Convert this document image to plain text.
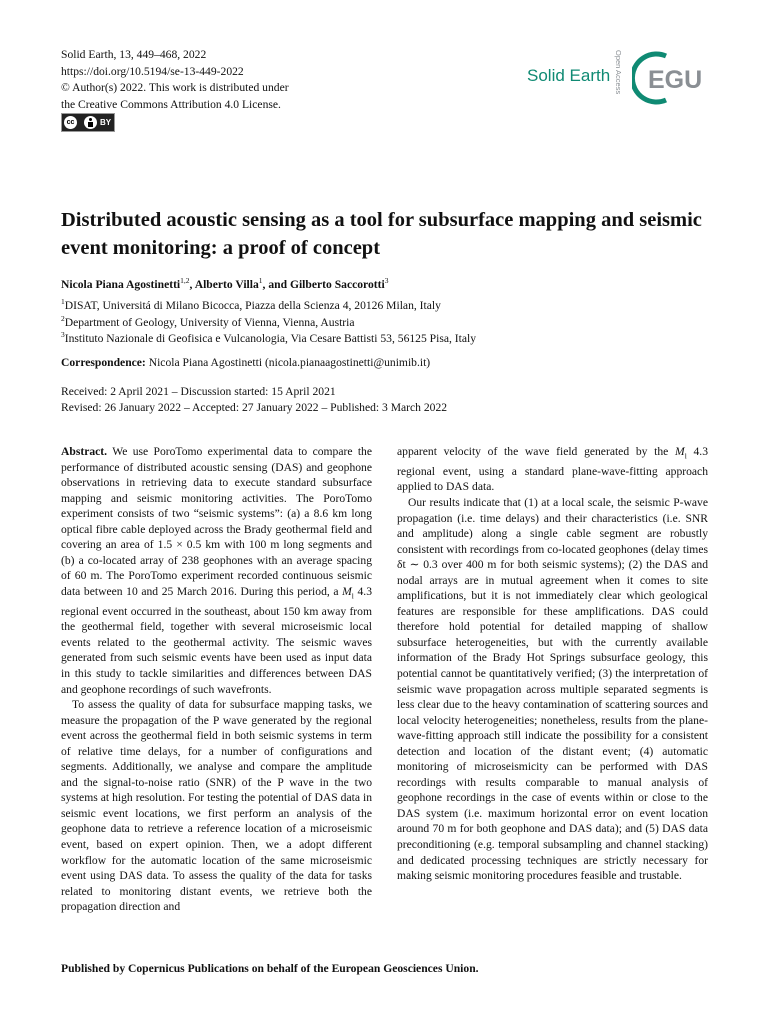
Solid Earth, 13, 449–468, 2022
https://doi.org/10.5194/se-13-449-2022
© Author(s) 2022. This work is distributed under
the Creative Commons Attribution 4.0 License.
cc	BY
Solid Earth Open Access EGU
Distributed acoustic sensing as a tool for subsurface mapping and seismic event monitoring: a proof of concept
Nicola Piana Agostinetti$^{1,2}$, Alberto Villa$^1$, and Gilberto Saccorotti$^3$
$^1$DISAT, Universitá di Milano Bicocca, Piazza della Scienza 4, 20126 Milan, Italy
$^2$Department of Geology, University of Vienna, Vienna, Austria
$^3$Instituto Nazionale di Geofisica e Vulcanologia, Via Cesare Battisti 53, 56125 Pisa, Italy
Correspondence: Nicola Piana Agostinetti (nicola.pianaagostinetti@unimib.it)
Received: 2 April 2021 – Discussion started: 15 April 2021
Revised: 26 January 2022 – Accepted: 27 January 2022 – Published: 3 March 2022

Abstract. We use PoroTomo experimental data to compare the performance of distributed acoustic sensing (DAS) and geophone observations in retrieving data to execute standard subsurface mapping and seismic monitoring activities. The PoroTomo experiment consists of two “seismic systems”: (a) a 8.6 km long optical fibre cable deployed across the Brady geothermal field and covering an area of 1.5 × 0.5 km with 100 m long segments and (b) a co-located array of 238 geophones with an average spacing of 60 m. The PoroTomo experiment recorded continuous seismic data between 10 and 25 March 2016. During this period, a $M_l$ 4.3 regional event occurred in the southeast, about 150 km away from the geothermal field, together with several microseismic local events related to the geothermal activity. The seismic waves generated from such seismic events have been used as input data in this study to tackle similarities and differences between DAS and geophone recordings of such wavefronts.

To assess the quality of data for subsurface mapping tasks, we measure the propagation of the P wave generated by the regional event across the geothermal field in both seismic systems in term of relative time delays, for a number of configurations and segments. Additionally, we analyse and compare the amplitude and the signal-to-noise ratio (SNR) of the P wave in the two systems at high resolution. For testing the potential of DAS data in seismic event locations, we first perform an analysis of the geophone data to retrieve a reference location of a microseismic event, based on expert opinion. Then, we a adopt different workflow for the automatic location of the same microseismic event using DAS data. To assess the quality of the data for tasks related to monitoring distant events, we retrieve both the propagation direction and

apparent velocity of the wave field generated by the $M_l$ 4.3 regional event, using a standard plane-wave-fitting approach applied to DAS data.

Our results indicate that (1) at a local scale, the seismic P-wave propagation (i.e. time delays) and their characteristics (i.e. SNR and amplitude) along a single cable segment are robustly consistent with recordings from co-located geophones (delay times δt ∼ 0.3 over 400 m for both seismic systems); (2) the DAS and nodal arrays are in mutual agreement when it comes to site amplifications, but it is not immediately clear which geological features are responsible for these amplifications. DAS could therefore hold potential for detailed mapping of shallow subsurface heterogeneities, but with the currently available information of the Brady Hot Springs subsurface geology, this potential cannot be quantitatively verified; (3) the interpretation of seismic wave propagation across multiple separated segments is less clear due to the heavy contamination of scattering sources and local velocity heterogeneities; nonetheless, results from the plane-wave-fitting approach still indicate the possibility for a consistent detection and location of the distant event; (4) automatic monitoring of microseismicity can be performed with DAS recordings with results comparable to manual analysis of geophone recordings in the case of events within or close to the DAS system (i.e. maximum horizontal error on event location around 70 m for both geophone and DAS data); and (5) DAS data preconditioning (e.g. temporal subsampling and channel stacking) and dedicated processing techniques are strictly necessary for making seismic monitoring procedures feasible and trustable.

Published by Copernicus Publications on behalf of the European Geosciences Union.
